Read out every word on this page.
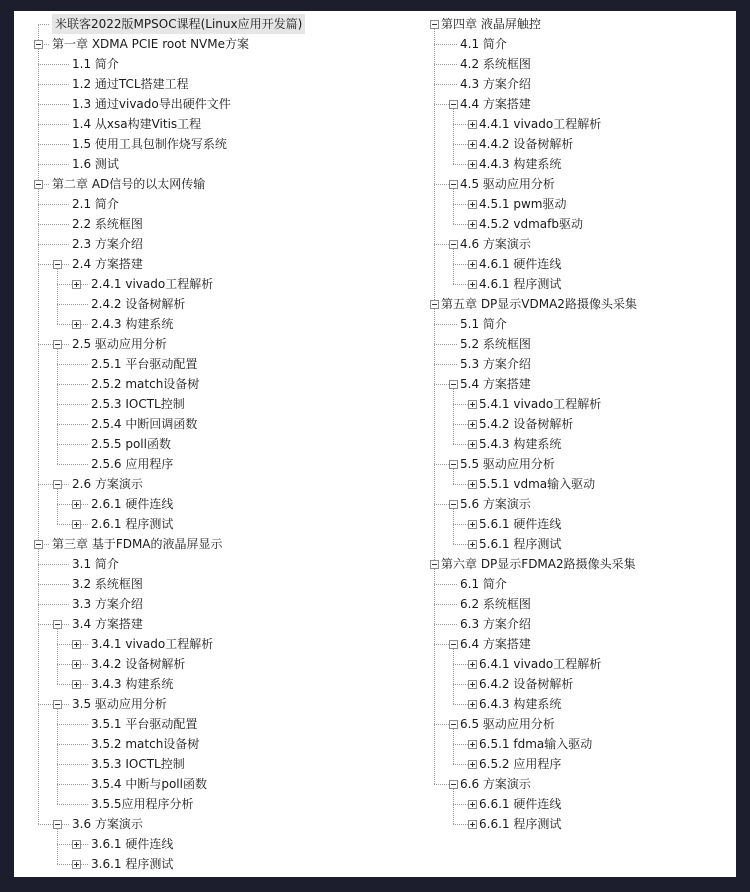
米联客2022版MPSOC课程(Linux应用开发篇)
第一章 XDMA PCIE root NVMe方案
1.1 简介
1.2 通过TCL搭建工程
1.3 通过vivado导出硬件文件
1.4 从xsa构建Vitis工程
1.5 使用工具包制作烧写系统
1.6 测试
第二章 AD信号的以太网传输
2.1 简介
2.2 系统框图
2.3 方案介绍
2.4 方案搭建
2.4.1 vivado工程解析
2.4.2 设备树解析
2.4.3 构建系统
2.5 驱动应用分析
2.5.1 平台驱动配置
2.5.2 match设备树
2.5.3 IOCTL控制
2.5.4 中断回调函数
2.5.5 poll函数
2.5.6 应用程序
2.6 方案演示
2.6.1 硬件连线
2.6.1 程序测试
第三章 基于FDMA的液晶屏显示
3.1 简介
3.2 系统框图
3.3 方案介绍
3.4 方案搭建
3.4.1 vivado工程解析
3.4.2 设备树解析
3.4.3 构建系统
3.5 驱动应用分析
3.5.1 平台驱动配置
3.5.2 match设备树
3.5.3 IOCTL控制
3.5.4 中断与poll函数
3.5.5应用程序分析
3.6 方案演示
3.6.1 硬件连线
3.6.1 程序测试
第四章 液晶屏触控
4.1 简介
4.2 系统框图
4.3 方案介绍
4.4 方案搭建
4.4.1 vivado工程解析
4.4.2 设备树解析
4.4.3 构建系统
4.5 驱动应用分析
4.5.1 pwm驱动
4.5.2 vdmafb驱动
4.6 方案演示
4.6.1 硬件连线
4.6.1 程序测试
第五章 DP显示VDMA2路摄像头采集
5.1 简介
5.2 系统框图
5.3 方案介绍
5.4 方案搭建
5.4.1 vivado工程解析
5.4.2 设备树解析
5.4.3 构建系统
5.5 驱动应用分析
5.5.1 vdma输入驱动
5.6 方案演示
5.6.1 硬件连线
5.6.1 程序测试
第六章 DP显示FDMA2路摄像头采集
6.1 简介
6.2 系统框图
6.3 方案介绍
6.4 方案搭建
6.4.1 vivado工程解析
6.4.2 设备树解析
6.4.3 构建系统
6.5 驱动应用分析
6.5.1 fdma输入驱动
6.5.2 应用程序
6.6 方案演示
6.6.1 硬件连线
6.6.1 程序测试
